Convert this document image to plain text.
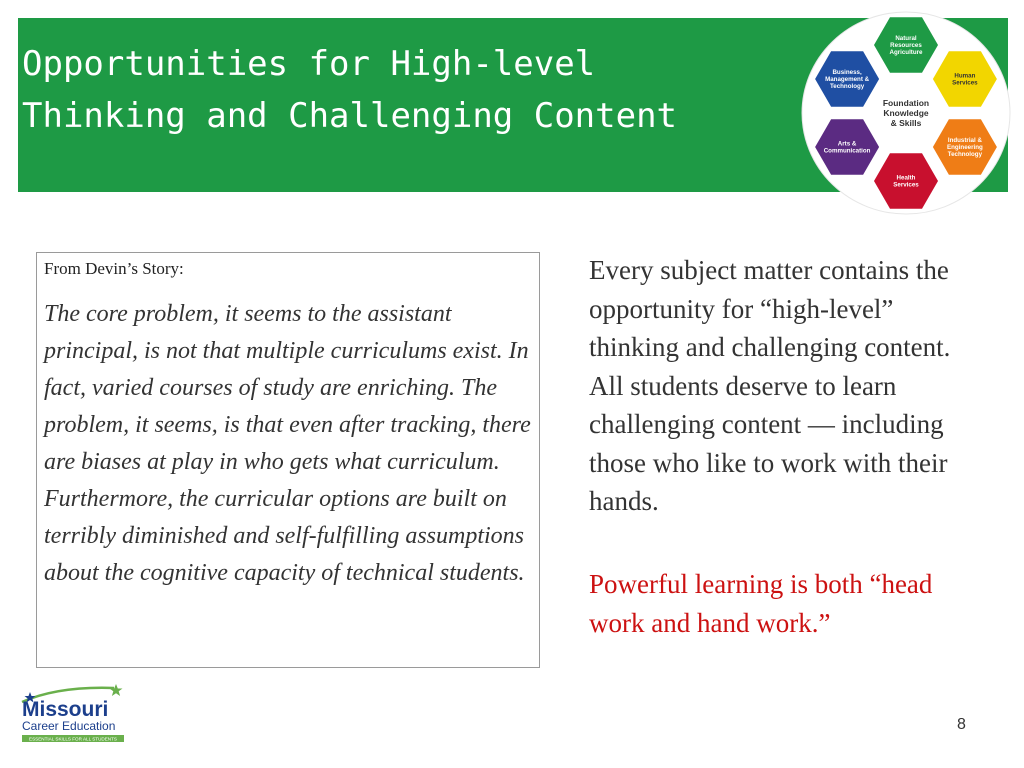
Opportunities for High-level
Thinking and Challenging Content
Natural
Resources
Agriculture
Human
Services
Industrial &
Engineering
Technology
Health
Services
Arts &
Communication
Business,
Management &
Technology
Foundation
Knowledge
& Skills
From Devin’s Story:
The core problem, it seems to the assistant principal, is not that multiple curriculums exist. In fact, varied courses of study are enriching. The problem, it seems, is that even after tracking, there are biases at play in who gets what curriculum. Furthermore, the curricular options are built on terribly diminished and self-fulfilling assumptions about the cognitive capacity of technical students.
Every subject matter contains the opportunity for “high-level” thinking and challenging content. All students deserve to learn challenging content — including those who like to work with their hands.
Powerful learning is both “head work and hand work.”
Missouri
Career Education
ESSENTIAL SKILLS FOR ALL STUDENTS
8
